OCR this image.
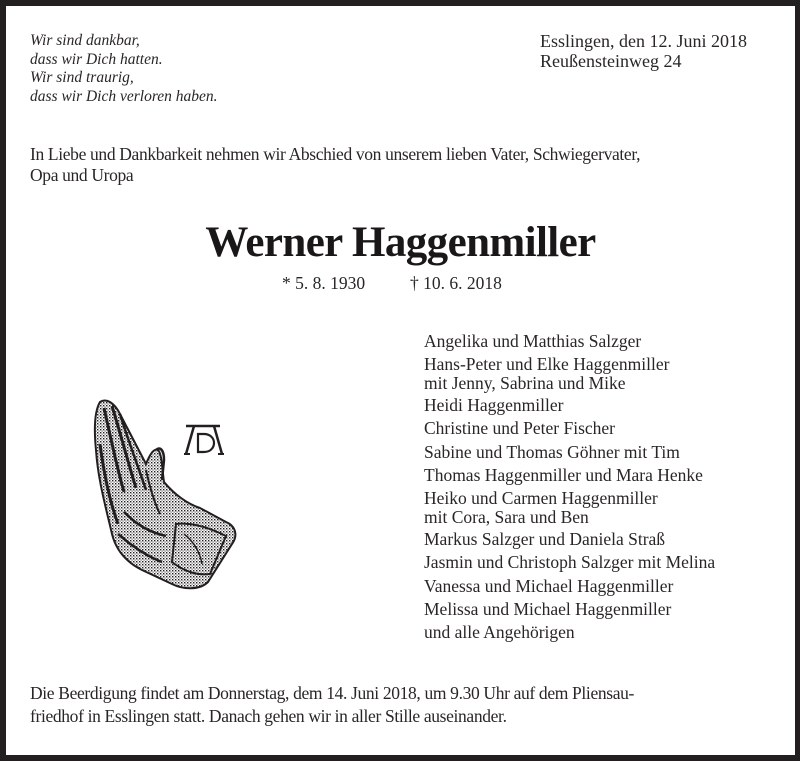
Wir sind dankbar,
dass wir Dich hatten.
Wir sind traurig,
dass wir Dich verloren haben.
Esslingen, den 12. Juni 2018
Reußensteinweg 24
In Liebe und Dankbarkeit nehmen wir Abschied von unserem lieben Vater, Schwiegervater,
Opa und Uropa
Werner Haggenmiller
* 5. 8. 1930	† 10. 6. 2018
Angelika und Matthias Salzger
Hans-Peter und Elke Haggenmiller
mit Jenny, Sabrina und Mike
Heidi Haggenmiller
Christine und Peter Fischer
Sabine und Thomas Göhner mit Tim
Thomas Haggenmiller und Mara Henke
Heiko und Carmen Haggenmiller
mit Cora, Sara und Ben
Markus Salzger und Daniela Straß
Jasmin und Christoph Salzger mit Melina
Vanessa und Michael Haggenmiller
Melissa und Michael Haggenmiller
und alle Angehörigen
Die Beerdigung findet am Donnerstag, dem 14. Juni 2018, um 9.30 Uhr auf dem Pliensau-
friedhof in Esslingen statt. Danach gehen wir in aller Stille auseinander.
